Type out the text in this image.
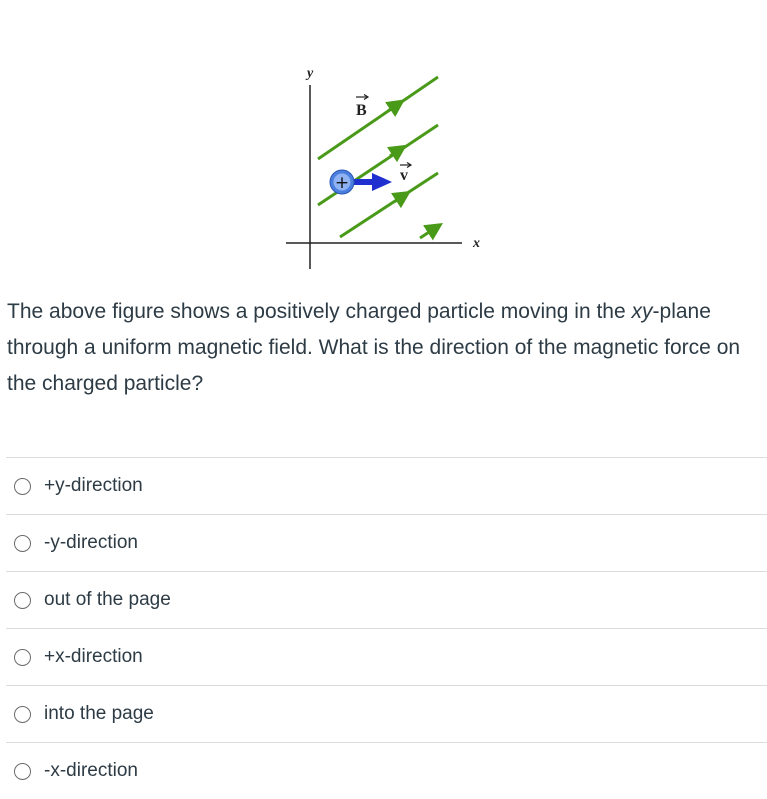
y
x
B
v
+

The above figure shows a positively charged particle moving in the xy-plane through a uniform magnetic field. What is the direction of the magnetic force on the charged particle?

+y-direction
-y-direction
out of the page
+x-direction
into the page
-x-direction
